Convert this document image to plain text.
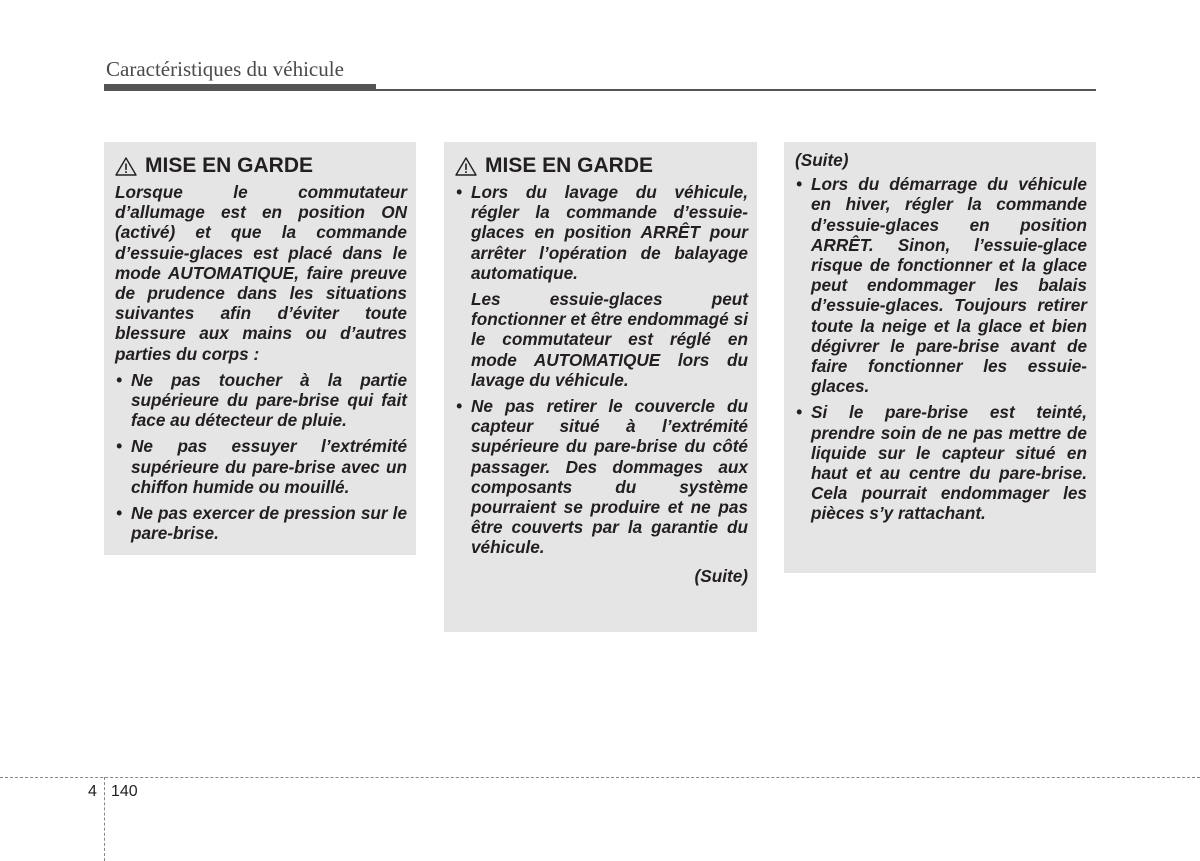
Caractéristiques du véhicule
MISE EN GARDE

Lorsque le commutateur d’allumage est en position ON (activé) et que la commande d’essuie-glaces est placé dans le mode AUTOMATIQUE, faire preuve de prudence dans les situations suivantes afin d’éviter toute blessure aux mains ou d’autres parties du corps :

• Ne pas toucher à la partie supérieure du pare-brise qui fait face au détecteur de pluie.

• Ne pas essuyer l’extrémité supérieure du pare-brise avec un chiffon humide ou mouillé.

• Ne pas exercer de pression sur le pare-brise.

MISE EN GARDE

• Lors du lavage du véhicule, régler la commande d’essuie-glaces en position ARRÊT pour arrêter l’opération de balayage automatique.

Les essuie-glaces peut fonctionner et être endommagé si le commutateur est réglé en mode AUTOMATIQUE lors du lavage du véhicule.

• Ne pas retirer le couvercle du capteur situé à l’extrémité supérieure du pare-brise du côté passager. Des dommages aux composants du système pourraient se produire et ne pas être couverts par la garantie du véhicule.

(Suite)

(Suite)

• Lors du démarrage du véhicule en hiver, régler la commande d’essuie-glaces en position ARRÊT. Sinon, l’essuie-glace risque de fonctionner et la glace peut endommager les balais d’essuie-glaces. Toujours retirer toute la neige et la glace et bien dégivrer le pare-brise avant de faire fonctionner les essuie-glaces.

• Si le pare-brise est teinté, prendre soin de ne pas mettre de liquide sur le capteur situé en haut et au centre du pare-brise. Cela pourrait endommager les pièces s’y rattachant.

4 140
